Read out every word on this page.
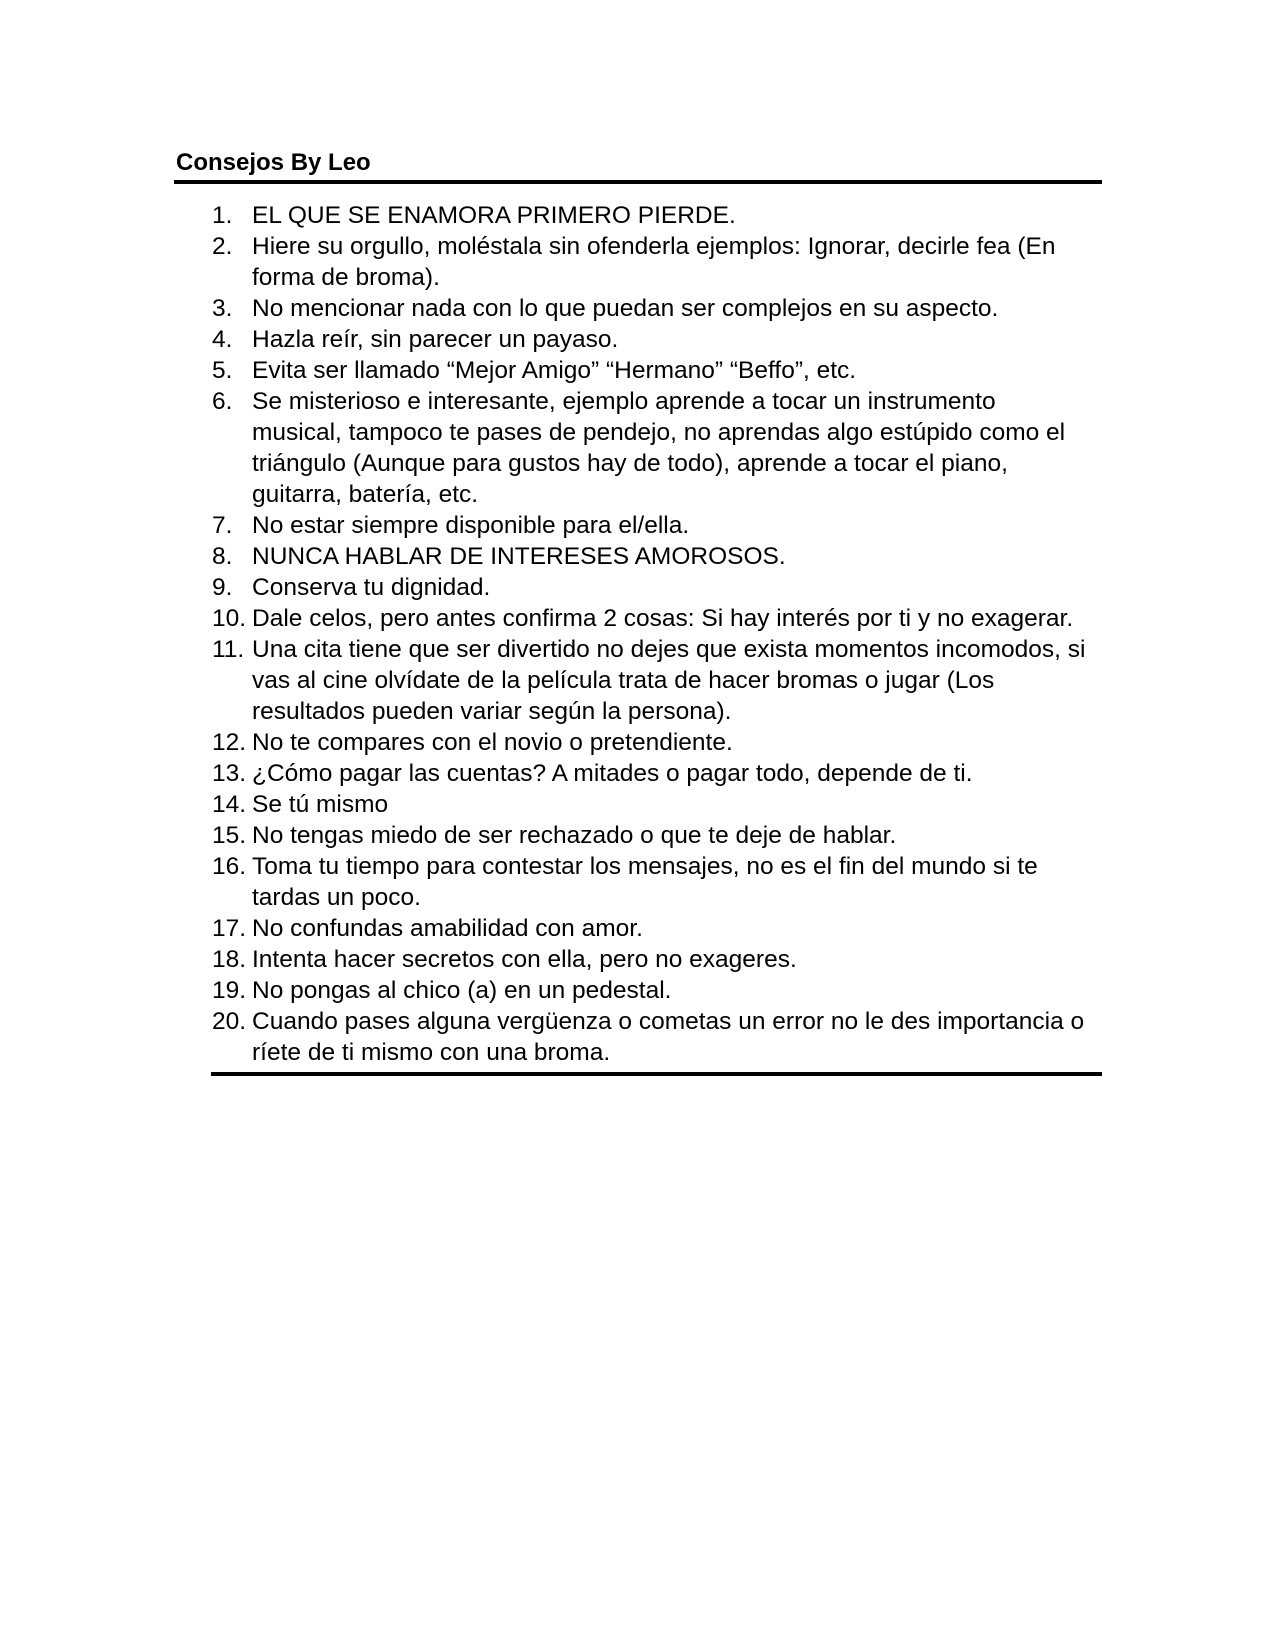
Consejos By Leo
1. EL QUE SE ENAMORA PRIMERO PIERDE.
2. Hiere su orgullo, moléstala sin ofenderla ejemplos: Ignorar, decirle fea (En forma de broma).
3. No mencionar nada con lo que puedan ser complejos en su aspecto.
4. Hazla reír, sin parecer un payaso.
5. Evita ser llamado “Mejor Amigo” “Hermano” “Beffo”, etc.
6. Se misterioso e interesante, ejemplo aprende a tocar un instrumento musical, tampoco te pases de pendejo, no aprendas algo estúpido como el triángulo (Aunque para gustos hay de todo), aprende a tocar el piano, guitarra, batería, etc.
7. No estar siempre disponible para el/ella.
8. NUNCA HABLAR DE INTERESES AMOROSOS.
9. Conserva tu dignidad.
10. Dale celos, pero antes confirma 2 cosas: Si hay interés por ti y no exagerar.
11. Una cita tiene que ser divertido no dejes que exista momentos incomodos, si vas al cine olvídate de la película trata de hacer bromas o jugar (Los resultados pueden variar según la persona).
12. No te compares con el novio o pretendiente.
13. ¿Cómo pagar las cuentas? A mitades o pagar todo, depende de ti.
14. Se tú mismo
15. No tengas miedo de ser rechazado o que te deje de hablar.
16. Toma tu tiempo para contestar los mensajes, no es el fin del mundo si te tardas un poco.
17. No confundas amabilidad con amor.
18. Intenta hacer secretos con ella, pero no exageres.
19. No pongas al chico (a) en un pedestal.
20. Cuando pases alguna vergüenza o cometas un error no le des importancia o ríete de ti mismo con una broma.
